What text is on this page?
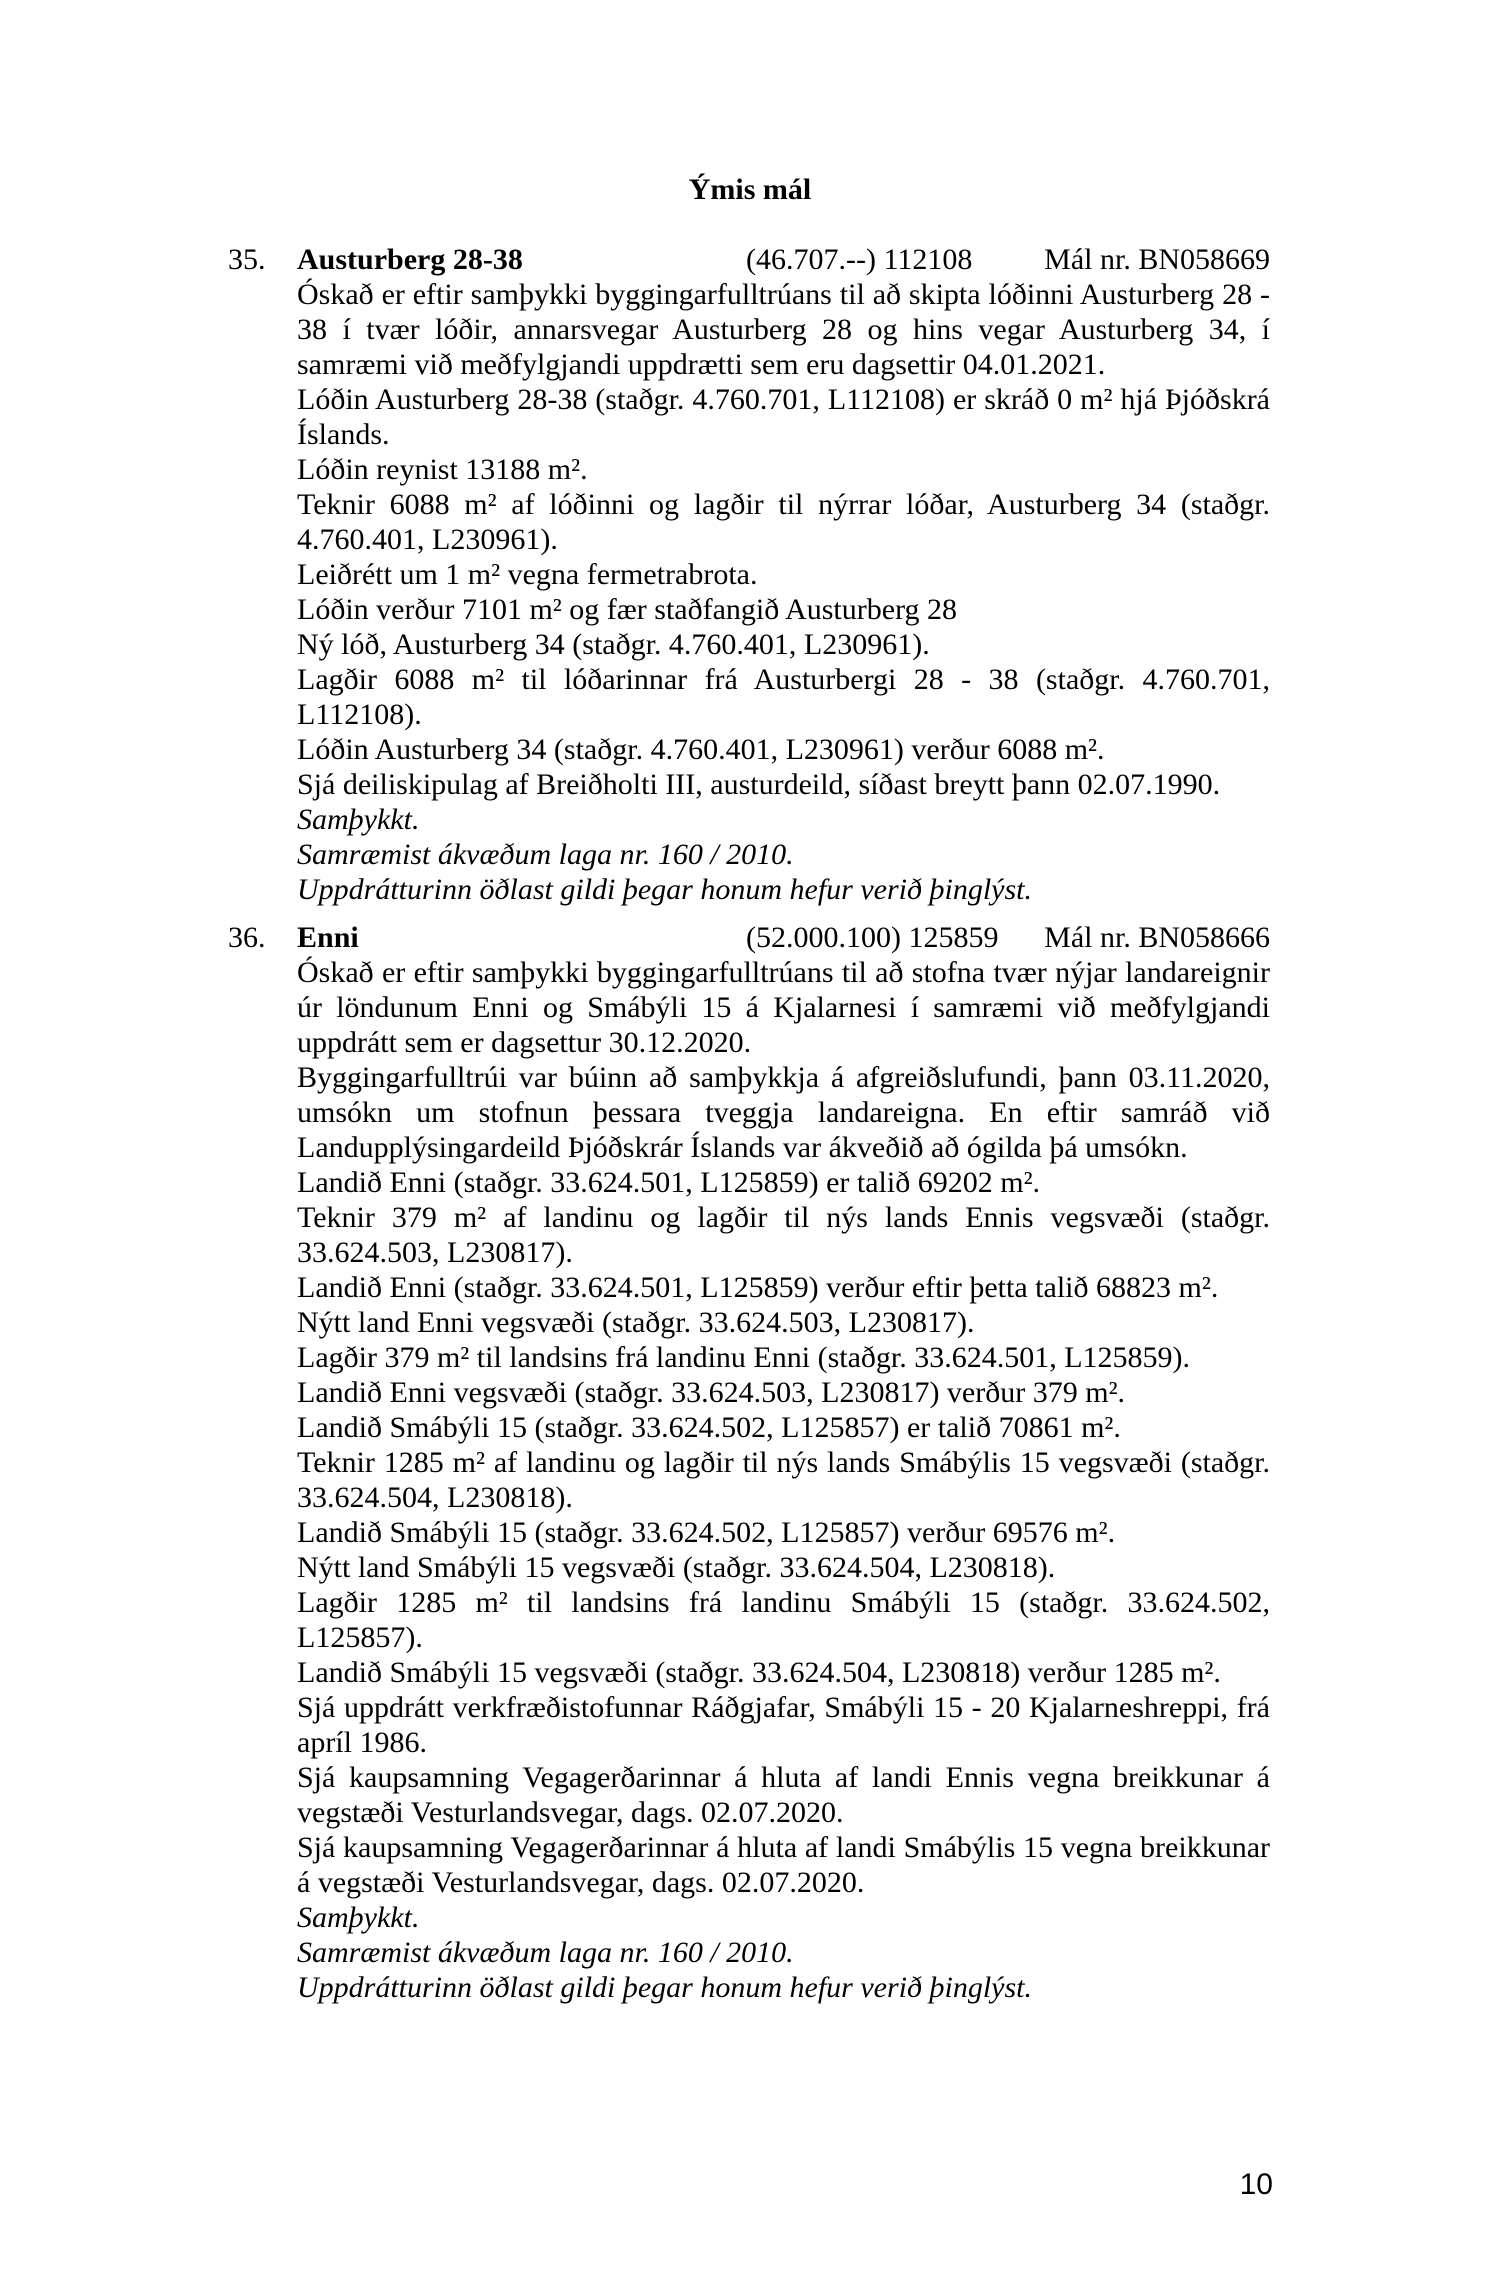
Ýmis mál
35. Austurberg 28-38	(46.707.--) 112108	Mál nr. BN058669

Óskað er eftir samþykki byggingarfulltrúans til að skipta lóðinni Austurberg 28 - 38 í tvær lóðir, annarsvegar Austurberg 28 og hins vegar Austurberg 34, í samræmi við meðfylgjandi uppdrætti sem eru dagsettir 04.01.2021.

Lóðin Austurberg 28-38 (staðgr. 4.760.701, L112108) er skráð 0 m² hjá Þjóðskrá Íslands.

Lóðin reynist 13188 m².

Teknir 6088 m² af lóðinni og lagðir til nýrrar lóðar, Austurberg 34 (staðgr. 4.760.401, L230961).

Leiðrétt um 1 m² vegna fermetrabrota.

Lóðin verður 7101 m² og fær staðfangið Austurberg 28

Ný lóð, Austurberg 34 (staðgr. 4.760.401, L230961).

Lagðir 6088 m² til lóðarinnar frá Austurbergi 28 - 38 (staðgr. 4.760.701, L112108).

Lóðin Austurberg 34 (staðgr. 4.760.401, L230961) verður 6088 m².

Sjá deiliskipulag af Breiðholti III, austurdeild, síðast breytt þann 02.07.1990.

Samþykkt.

Samræmist ákvæðum laga nr. 160 / 2010.

Uppdrátturinn öðlast gildi þegar honum hefur verið þinglýst.

36. Enni	(52.000.100) 125859	Mál nr. BN058666

Óskað er eftir samþykki byggingarfulltrúans til að stofna tvær nýjar landareignir úr löndunum Enni og Smábýli 15 á Kjalarnesi í samræmi við meðfylgjandi uppdrátt sem er dagsettur 30.12.2020.

Byggingarfulltrúi var búinn að samþykkja á afgreiðslufundi, þann 03.11.2020, umsókn um stofnun þessara tveggja landareigna. En eftir samráð við Landupplýsingardeild Þjóðskrár Íslands var ákveðið að ógilda þá umsókn.

Landið Enni (staðgr. 33.624.501, L125859) er talið 69202 m².

Teknir 379 m² af landinu og lagðir til nýs lands Ennis vegsvæði (staðgr. 33.624.503, L230817).

Landið Enni (staðgr. 33.624.501, L125859) verður eftir þetta talið 68823 m².

Nýtt land Enni vegsvæði (staðgr. 33.624.503, L230817).

Lagðir 379 m² til landsins frá landinu Enni (staðgr. 33.624.501, L125859).

Landið Enni vegsvæði (staðgr. 33.624.503, L230817) verður 379 m².

Landið Smábýli 15 (staðgr. 33.624.502, L125857) er talið 70861 m².

Teknir 1285 m² af landinu og lagðir til nýs lands Smábýlis 15 vegsvæði (staðgr. 33.624.504, L230818).

Landið Smábýli 15 (staðgr. 33.624.502, L125857) verður 69576 m².

Nýtt land Smábýli 15 vegsvæði (staðgr. 33.624.504, L230818).

Lagðir 1285 m² til landsins frá landinu Smábýli 15 (staðgr. 33.624.502, L125857).

Landið Smábýli 15 vegsvæði (staðgr. 33.624.504, L230818) verður 1285 m².

Sjá uppdrátt verkfræðistofunnar Ráðgjafar, Smábýli 15 - 20 Kjalarneshreppi, frá apríl 1986.

Sjá kaupsamning Vegagerðarinnar á hluta af landi Ennis vegna breikkunar á vegstæði Vesturlandsvegar, dags. 02.07.2020.

Sjá kaupsamning Vegagerðarinnar á hluta af landi Smábýlis 15 vegna breikkunar á vegstæði Vesturlandsvegar, dags. 02.07.2020.

Samþykkt.

Samræmist ákvæðum laga nr. 160 / 2010.

Uppdrátturinn öðlast gildi þegar honum hefur verið þinglýst.

10
